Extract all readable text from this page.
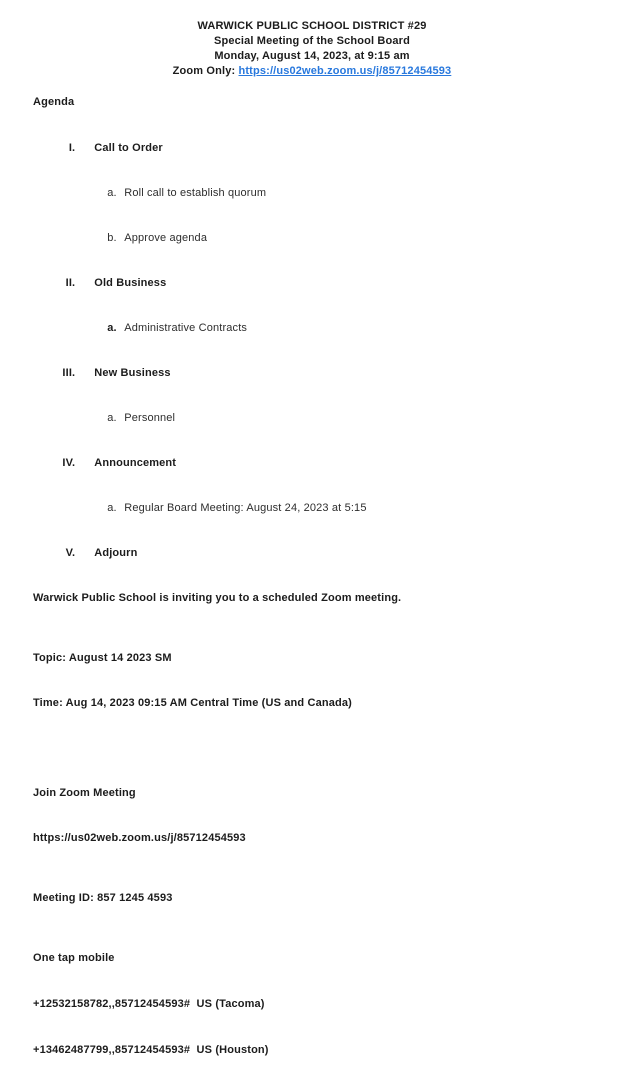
WARWICK PUBLIC SCHOOL DISTRICT #29
Special Meeting of the School Board
Monday, August 14, 2023, at 9:15 am
Zoom Only: https://us02web.zoom.us/j/85712454593
Agenda

I. Call to Order

a. Roll call to establish quorum

b. Approve agenda

II. Old Business

a. Administrative Contracts

III. New Business

a. Personnel

IV. Announcement

a. Regular Board Meeting: August 24, 2023 at 5:15

V. Adjourn

Warwick Public School is inviting you to a scheduled Zoom meeting.

Topic: August 14 2023 SM

Time: Aug 14, 2023 09:15 AM Central Time (US and Canada)

Join Zoom Meeting

https://us02web.zoom.us/j/85712454593

Meeting ID: 857 1245 4593

One tap mobile

+12532158782,,85712454593#  US (Tacoma)

+13462487799,,85712454593#  US (Houston)
